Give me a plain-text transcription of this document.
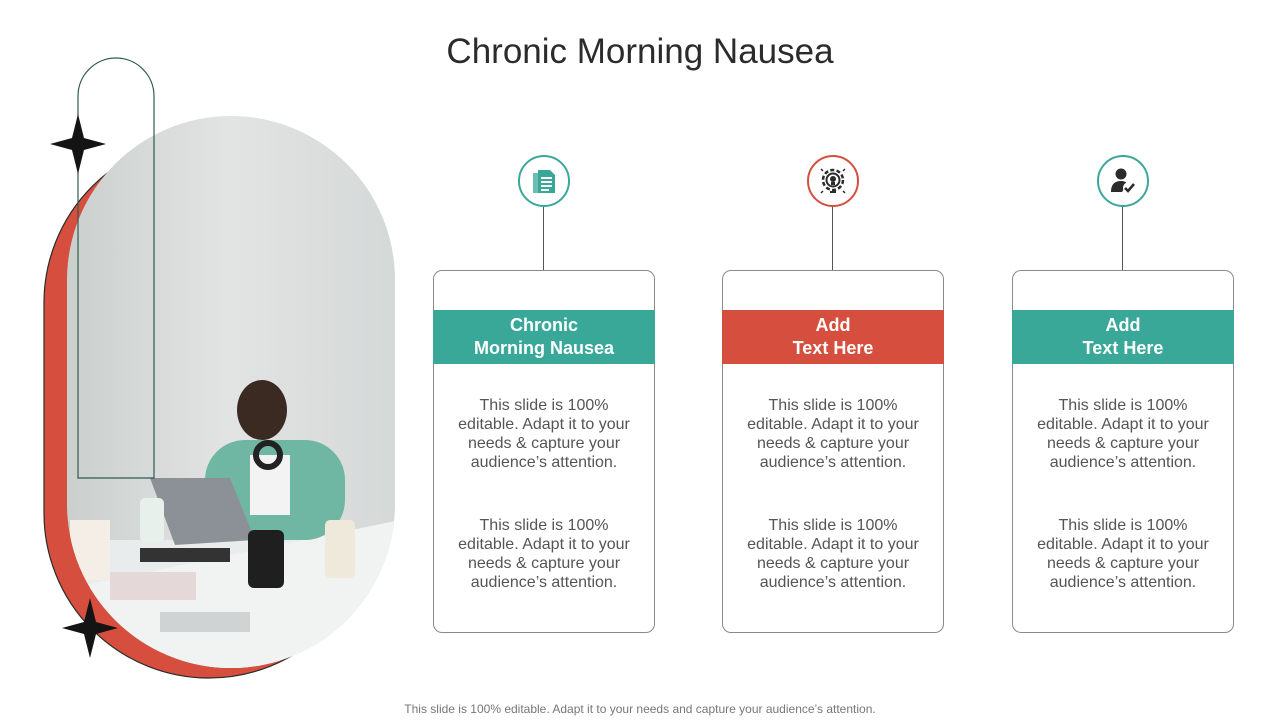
Chronic Morning Nausea
Chronic
Morning Nausea
This slide is 100% editable. Adapt it to your needs & capture your audience’s attention.
This slide is 100% editable. Adapt it to your needs & capture your audience’s attention.
Add
Text Here
This slide is 100% editable. Adapt it to your needs & capture your audience’s attention.
This slide is 100% editable. Adapt it to your needs & capture your audience’s attention.
Add
Text Here
This slide is 100% editable. Adapt it to your needs & capture your audience’s attention.
This slide is 100% editable. Adapt it to your needs & capture your audience’s attention.
This slide is 100% editable. Adapt it to your needs and capture your audience’s attention.
